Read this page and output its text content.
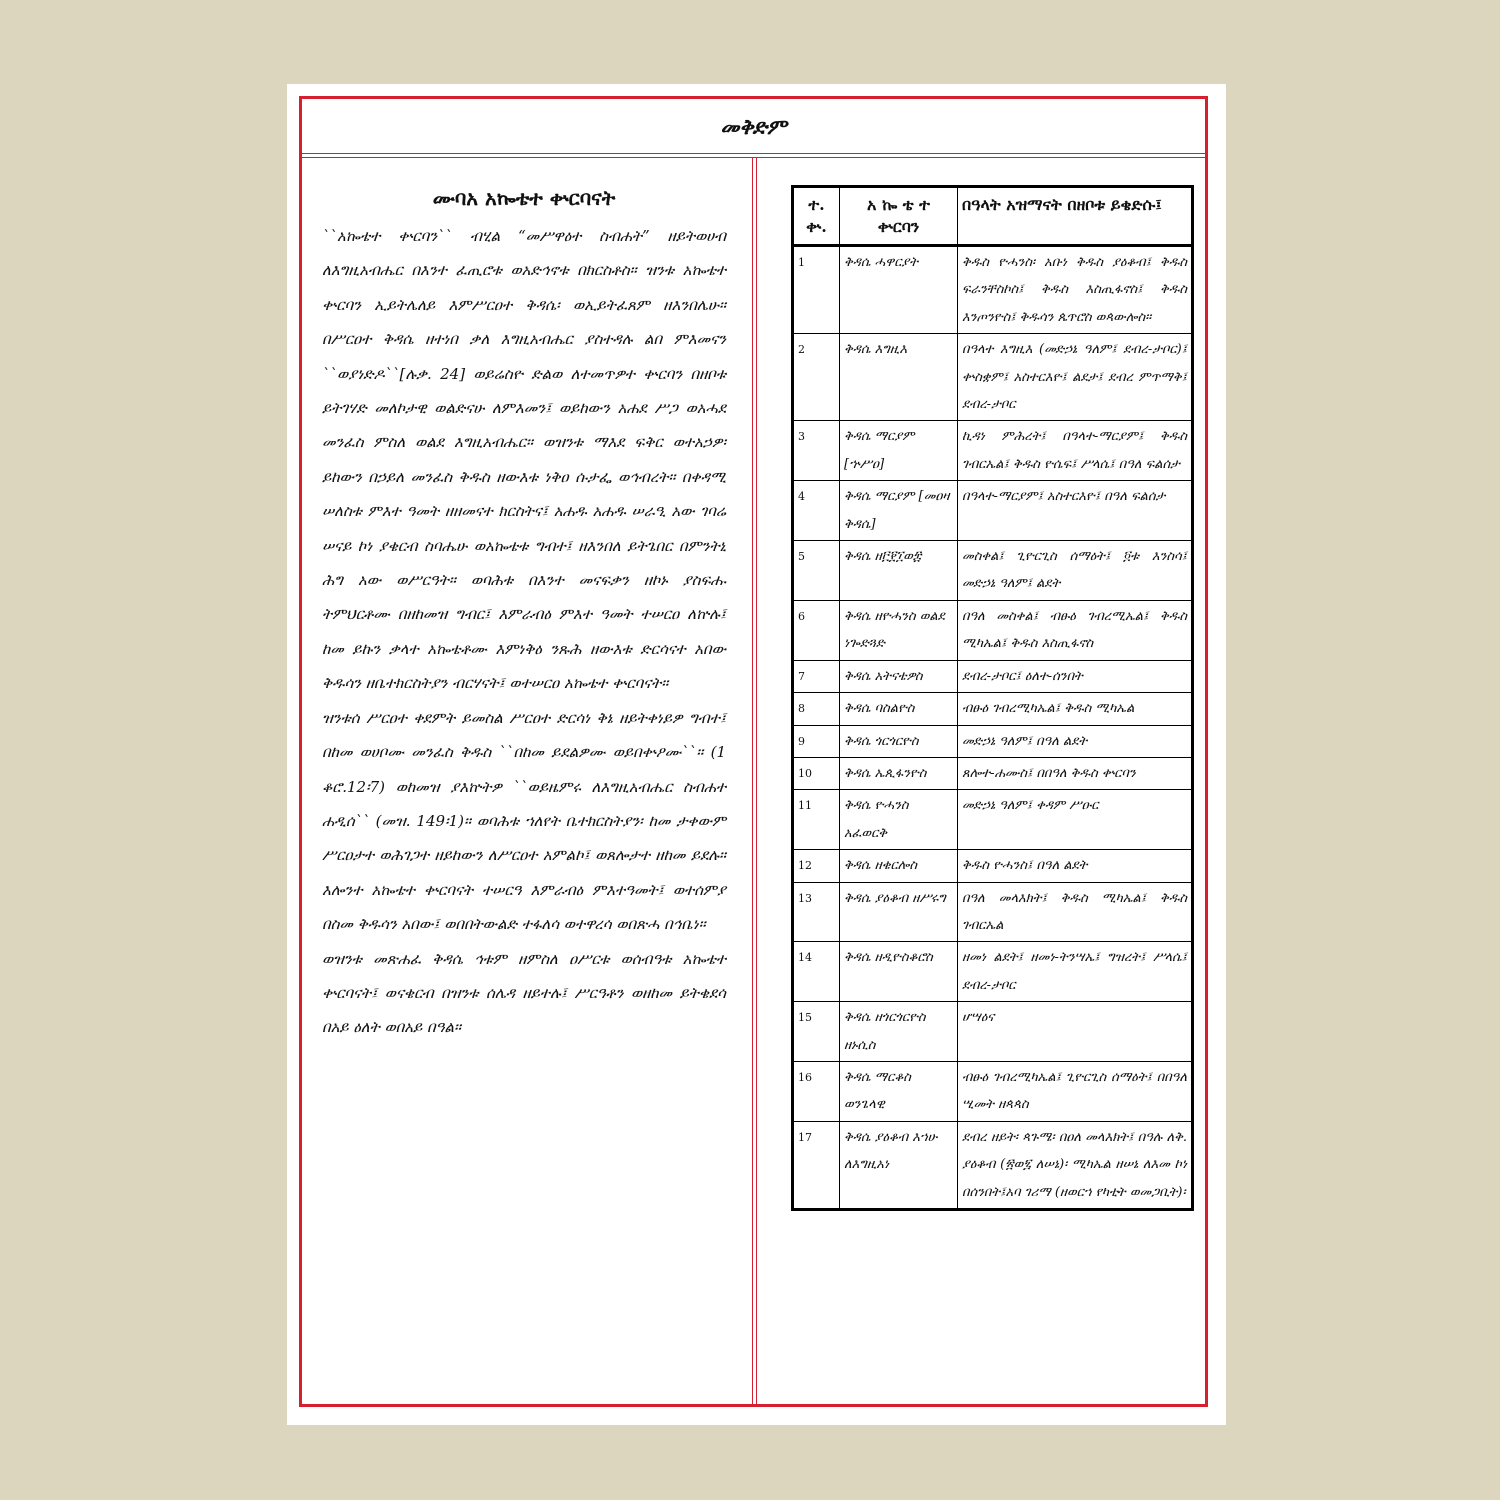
መቅድም
ሙባአ አኰቴተ ቍርባናት

``አኰቴተ ቍርባን`` ብሂል “መሥዋዕተ ስብሐት” ዘይትወሀብ ለእግዚአብሔር በእንተ ፈጢሮቱ ወአድኅኖቱ በክርስቶስ። ዝንቱ አኰቴተ ቍርባን ኢይትሌለይ እምሥርዐተ ቅዳሴ፡ ወኢይትፈጸም ዘእንበሌሁ። በሥርዐተ ቅዳሴ ዘተነበ ቃለ እግዚአብሔር ያስተዳሉ ልበ ምእመናን ``ወያነድዶ``[ሉቃ. 24] ወይሬስዮ ድልወ ለተመጥዎተ ቍርባን በዘቦቱ ይትገሃድ መለኮታዊ ወልድናሁ ለምእመን፤ ወይከውን አሐደ ሥጋ ወአሓደ መንፈስ ምስለ ወልደ እግዚአብሔር። ወዝንቱ ማእደ ፍቅር ወተአኃዎ፡ ይከውን በኃይለ መንፈስ ቅዱስ ዘውእቱ ነቅዐ ሱታፌ ወኅብረት። በቀዳሚ ሠለስቱ ምእተ ዓመት ዘዘመናተ ክርስትና፤ አሐዱ አሐዱ ሠራዒ አው ገባሬ ሠናይ ኮነ ያቄርብ ስባሔሁ ወአኰቴቱ ግብተ፤ ዘእንበለ ይትጌበር በምንትኒ ሕግ አው ወሥርዓት። ወባሕቱ በእንተ መናፍቃን ዘኮኑ ያስፍሑ ትምህርቶሙ በዘከመዝ ግብር፤ እምራብዕ ምእተ ዓመት ተሠርዐ ለኵሉ፤ ከመ ይኩን ቃላተ አኰቴቶሙ እምነቅዕ ንጹሕ ዘውእቱ ድርሳናተ አበው ቅዱሳን ዘቤተክርስትያን ብርሃናት፤ ወተሠርዐ አኰቴተ ቍርባናት።

ዝንቱሰ ሥርዐተ ቀደምት ይመስል ሥርዐተ ድርሳነ ቅኔ ዘይትቀነይዎ ግብተ፤ በከመ ወሀቦሙ መንፈስ ቅዱስ ``በከመ ይደልዎሙ ወይበቍዖሙ``። (1 ቆሮ.12፡7) ወከመዝ ያእኵትዎ ``ወይዜምሩ ለእግዚአብሔር ስብሐተ ሐዲሰ`` (መዝ. 149፡1)። ወባሕቱ ኀለየት ቤተክርስትያን፡ ከመ ታቀውም ሥርዐታተ ወሕገጋተ ዘይከውን ለሥርዐተ አምልኮ፤ ወጸሎታተ ዘከመ ይደሉ። እሎንተ አኰቴተ ቍርባናት ተሠርዓ እምራብዕ ምእተዓመት፤ ወተሰምያ በስመ ቅዱሳን አበው፤ ወበበትውልድ ተፋለሳ ወተዋረሳ ወበጽሓ በኅቤነ።

ወዝንቱ መጽሐፈ ቅዳሴ ኅቱም ዘምስለ ዐሥርቱ ወሰብዓቱ አኰቴተ ቍርባናት፤ ወናቄርብ በዝንቱ ሰሌዳ ዘይተሉ፤ ሥርዓቶን ወዘከመ ይትቄደሳ በአይ ዕለት ወበአይ በዓል።

ተ. ቍ.	አ ኰ ቴ ተ ቍርባን	በዓላት አዝማናት በዘቦቱ ይቄድሱ፤
1	ቅዳሴ ሓዋርያት	ቅዱስ ዮሓንስ፡ አቡነ ቅዱስ ያዕቆብ፤ ቅዱስ ፍራንቸስኮስ፤ ቅዱስ እስጢፋኖስ፤ ቅዱስ እንጦንዮስ፤ ቅዱሳን ጴጥሮስ ወጳውሎስ።
2	ቅዳሴ እግዚእ	በዓላተ እግዚእ (መድኃኔ ዓለም፤ ደብረ-ታቦር)፤ ቍስቋም፤ አስተርእዮ፤ ልደታ፤ ደብረ ምጥማቅ፤ ደብረ-ታቦር
3	ቅዳሴ ማርያም [ኍሥዐ]	ኪዳነ ምሕረት፤ በዓላተ-ማርያም፤ ቅዱስ ገብርኤል፤ ቅዱስ ዮሴፍ፤ ሥላሴ፤ በዓለ ፍልሰታ
4	ቅዳሴ ማርያም [መዐዛ ቅዳሴ]	በዓላተ-ማርያም፤ አስተርእዮ፤ በዓለ ፍልሰታ
5	ቅዳሴ ዘ፫፻፲ወ፰	መስቀል፤ ጊዮርጊስ ሰማዕት፤ ፬ቱ እንስሳ፤ መድኃኔ ዓለም፤ ልደት
6	ቅዳሴ ዘዮሓንስ ወልደ ነጐድጓድ	በዓለ መስቀል፤ ብፁዕ ገብረሚኤል፤ ቅዱስ ሚካኤል፤ ቅዱስ እስጢፋኖስ
7	ቅዳሴ አትናቴዎስ	ደብረ-ታቦር፤ ዕለተ-ሰንበት
8	ቅዳሴ ባስልዮስ	ብፁዕ ገብረሚካኤል፤ ቅዱስ ሚካኤል
9	ቅዳሴ ጎርጎርዮስ	መድኃኔ ዓለም፤ በዓለ ልደት
10	ቅዳሴ ኤጲፋንዮስ	ጸሎተ-ሐሙስ፤ በበዓለ ቅዱስ ቍርባን
11	ቅዳሴ ዮሓንስ አፈወርቅ	መድኃኔ ዓለም፤ ቀዳም ሥዑር
12	ቅዳሴ ዘቄርሎስ	ቅዱስ ዮሓንስ፤ በዓለ ልደት
13	ቅዳሴ ያዕቆብ ዘሥሩግ	በዓለ መላእክት፤ ቅዱስ ሚካኤል፤ ቅዱስ ገብርኤል
14	ቅዳሴ ዘዲዮስቆሮስ	ዘመነ ልደት፤ ዘመነ-ትንሣኤ፤ ግዝረት፤ ሥላሴ፤ ደብረ-ታቦር
15	ቅዳሴ ዘጎርጎርዮስ ዘኑሲስ	ሆሣዕና
16	ቅዳሴ ማርቆስ ወንጌላዊ	ብፁዕ ገብረሚካኤል፤ ጊዮርጊስ ሰማዕት፤ በበዓለ ሢመት ዘጳጳስ
17	ቅዳሴ ያዕቆብ እኀሁ ለእግዚአነ	ደብረ ዘይት፡ ጳጉሜ፡ በዐለ መላእክት፤ በዓሉ ለቅ. ያዕቆብ (፳ወ፯ ለሠኔ)፡ ሚካኤል ዘሠኔ ለእመ ኮነ በሰንበት፤አባ ገሪማ (ዘወርኀ የካቲት ወመጋቢት)፡
